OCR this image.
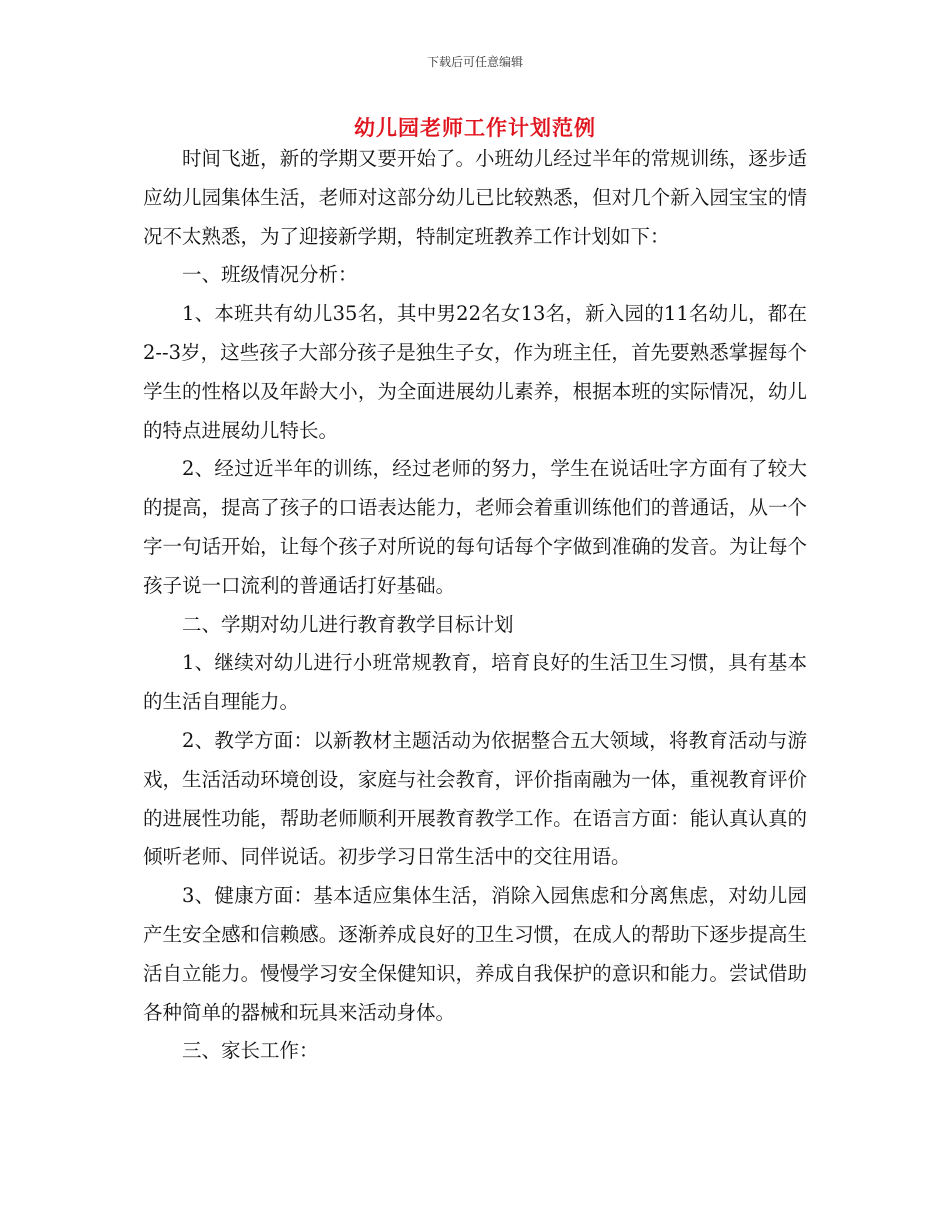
下载后可任意编辑
幼儿园老师工作计划范例

时间飞逝，新的学期又要开始了。小班幼儿经过半年的常规训练，逐步适应幼儿园集体生活，老师对这部分幼儿已比较熟悉，但对几个新入园宝宝的情况不太熟悉，为了迎接新学期，特制定班教养工作计划如下：

一、班级情况分析：

1、本班共有幼儿35名，其中男22名女13名，新入园的11名幼儿，都在2--3岁，这些孩子大部分孩子是独生子女，作为班主任，首先要熟悉掌握每个学生的性格以及年龄大小，为全面进展幼儿素养，根据本班的实际情况，幼儿的特点进展幼儿特长。

2、经过近半年的训练，经过老师的努力，学生在说话吐字方面有了较大的提高，提高了孩子的口语表达能力，老师会着重训练他们的普通话，从一个字一句话开始，让每个孩子对所说的每句话每个字做到准确的发音。为让每个孩子说一口流利的普通话打好基础。

二、学期对幼儿进行教育教学目标计划

1、继续对幼儿进行小班常规教育，培育良好的生活卫生习惯，具有基本的生活自理能力。

2、教学方面：以新教材主题活动为依据整合五大领域，将教育活动与游戏，生活活动环境创设，家庭与社会教育，评价指南融为一体，重视教育评价的进展性功能，帮助老师顺利开展教育教学工作。在语言方面：能认真认真的倾听老师、同伴说话。初步学习日常生活中的交往用语。

3、健康方面：基本适应集体生活，消除入园焦虑和分离焦虑，对幼儿园产生安全感和信赖感。逐渐养成良好的卫生习惯，在成人的帮助下逐步提高生活自立能力。慢慢学习安全保健知识，养成自我保护的意识和能力。尝试借助各种简单的器械和玩具来活动身体。

三、家长工作：
